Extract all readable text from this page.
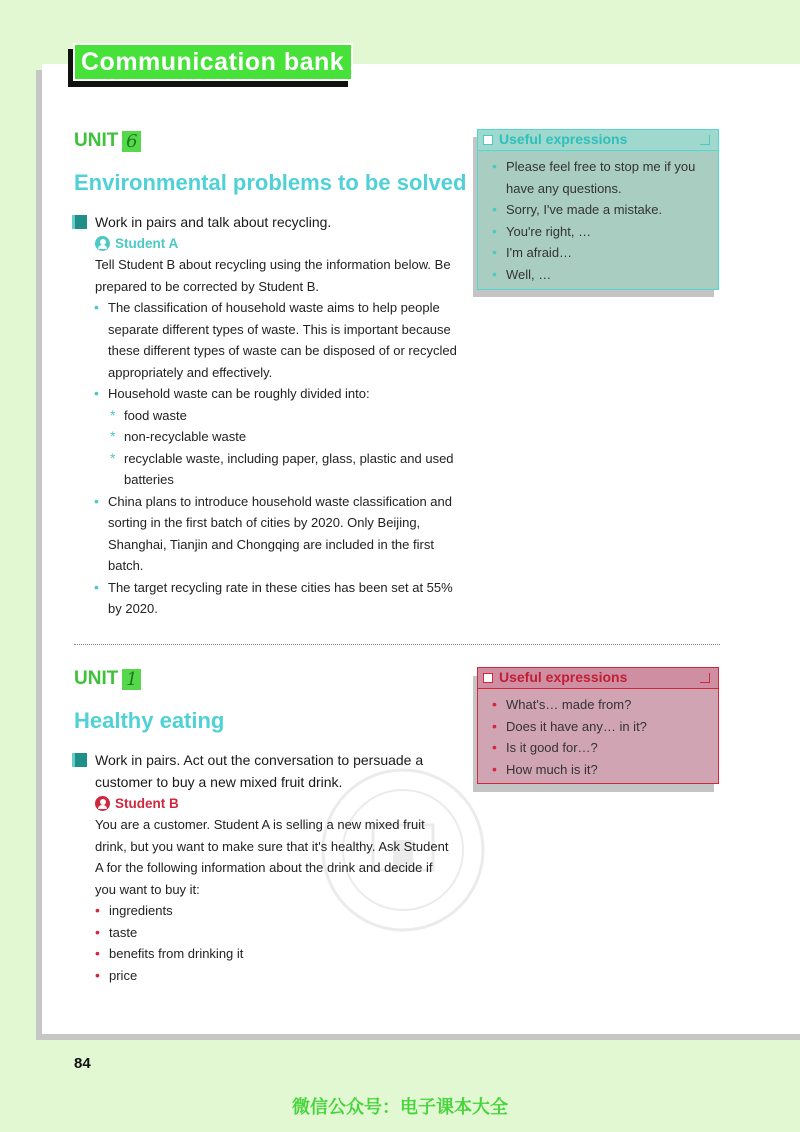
Communication bank
UNIT 6
Environmental problems to be solved
Work in pairs and talk about recycling.
Student A
Tell Student B about recycling using the information below. Be prepared to be corrected by Student B.
• The classification of household waste aims to help people separate different types of waste. This is important because these different types of waste can be disposed of or recycled appropriately and effectively.
• Household waste can be roughly divided into:
* food waste
* non-recyclable waste
* recyclable waste, including paper, glass, plastic and used batteries
• China plans to introduce household waste classification and sorting in the first batch of cities by 2020. Only Beijing, Shanghai, Tianjin and Chongqing are included in the first batch.
• The target recycling rate in these cities has been set at 55% by 2020.
Useful expressions
• Please feel free to stop me if you have any questions.
• Sorry, I've made a mistake.
• You're right, …
• I'm afraid…
• Well, …
UNIT 1
Healthy eating
Work in pairs. Act out the conversation to persuade a customer to buy a new mixed fruit drink.
Student B
You are a customer. Student A is selling a new mixed fruit drink, but you want to make sure that it's healthy. Ask Student A for the following information about the drink and decide if you want to buy it:
• ingredients
• taste
• benefits from drinking it
• price
Useful expressions
• What's… made from?
• Does it have any… in it?
• Is it good for…?
• How much is it?
84
微信公众号：电子课本大全
